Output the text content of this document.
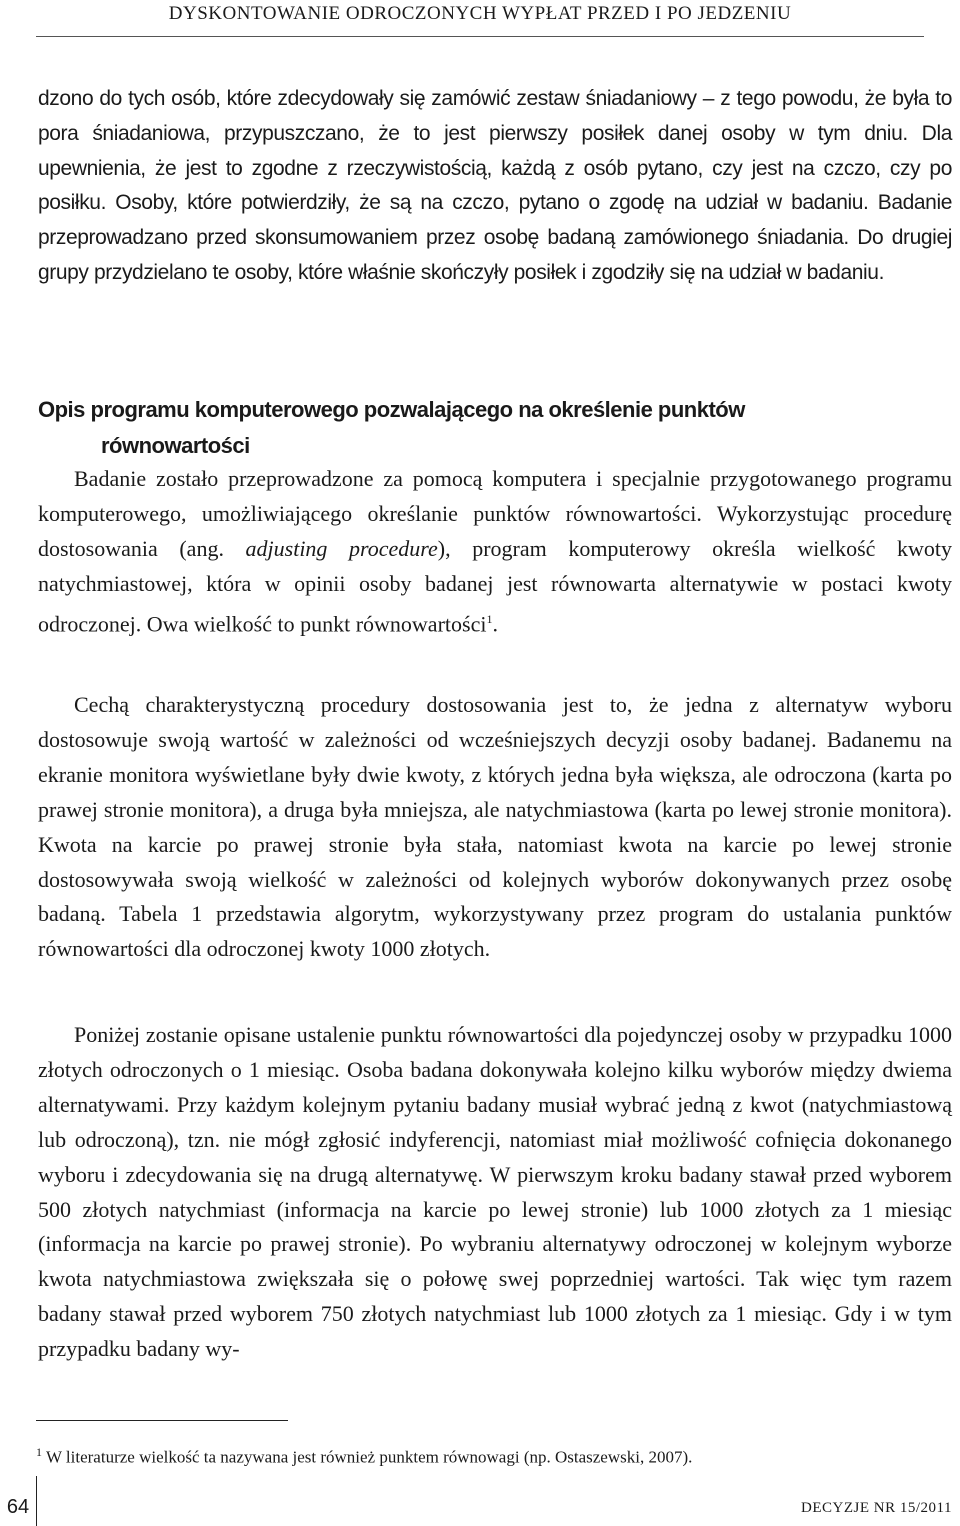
DYSKONTOWANIE ODROCZONYCH WYPŁAT PRZED I PO JEDZENIU
dzono do tych osób, które zdecydowały się zamówić zestaw śniadaniowy – z tego powodu, że była to pora śniadaniowa, przypuszczano, że to jest pierwszy posiłek danej osoby w tym dniu. Dla upewnienia, że jest to zgodne z rzeczywistością, każdą z osób pytano, czy jest na czczo, czy po posiłku. Osoby, które potwierdziły, że są na czczo, pytano o zgodę na udział w badaniu. Badanie przeprowadzano przed skonsumowaniem przez osobę badaną zamówionego śniadania. Do drugiej grupy przydzielano te osoby, które właśnie skończyły posiłek i zgodziły się na udział w badaniu.
Opis programu komputerowego pozwalającego na określenie punktów
równowartości
Badanie zostało przeprowadzone za pomocą komputera i specjalnie przygotowanego programu komputerowego, umożliwiającego określanie punktów równowartości. Wykorzystując procedurę dostosowania (ang. adjusting procedure), program komputerowy określa wielkość kwoty natychmiastowej, która w opinii osoby badanej jest równowarta alternatywie w postaci kwoty odroczonej. Owa wielkość to punkt równowartości$^1$.
Cechą charakterystyczną procedury dostosowania jest to, że jedna z alternatyw wyboru dostosowuje swoją wartość w zależności od wcześniejszych decyzji osoby badanej. Badanemu na ekranie monitora wyświetlane były dwie kwoty, z których jedna była większa, ale odroczona (karta po prawej stronie monitora), a druga była mniejsza, ale natychmiastowa (karta po lewej stronie monitora). Kwota na karcie po prawej stronie była stała, natomiast kwota na karcie po lewej stronie dostosowywała swoją wielkość w zależności od kolejnych wyborów dokonywanych przez osobę badaną. Tabela 1 przedstawia algorytm, wykorzystywany przez program do ustalania punktów równowartości dla odroczonej kwoty 1000 złotych.
Poniżej zostanie opisane ustalenie punktu równowartości dla pojedynczej osoby w przypadku 1000 złotych odroczonych o 1 miesiąc. Osoba badana dokonywała kolejno kilku wyborów między dwiema alternatywami. Przy każdym kolejnym pytaniu badany musiał wybrać jedną z kwot (natychmiastową lub odroczoną), tzn. nie mógł zgłosić indyferencji, natomiast miał możliwość cofnięcia dokonanego wyboru i zdecydowania się na drugą alternatywę. W pierwszym kroku badany stawał przed wyborem 500 złotych natychmiast (informacja na karcie po lewej stronie) lub 1000 złotych za 1 miesiąc (informacja na karcie po prawej stronie). Po wybraniu alternatywy odroczonej w kolejnym wyborze kwota natychmiastowa zwiększała się o połowę swej poprzedniej wartości. Tak więc tym razem badany stawał przed wyborem 750 złotych natychmiast lub 1000 złotych za 1 miesiąc. Gdy i w tym przypadku badany wy-
$^1$ W literaturze wielkość ta nazywana jest również punktem równowagi (np. Ostaszewski, 2007).
64	DECYZJE NR 15/2011
